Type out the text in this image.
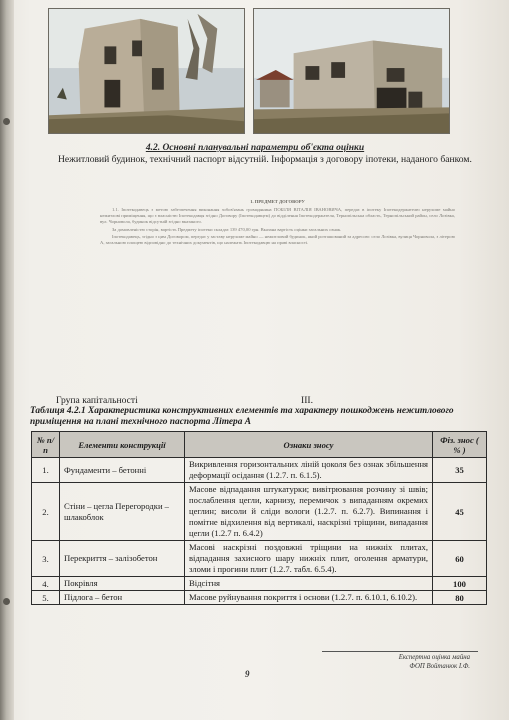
4.2. Основні планувальні параметри об'єкта оцінки
Нежитловий будинок, технічний паспорт відсутній. Інформація з договору іпотеки, наданого банком.
1. ПРЕДМЕТ ДОГОВОРУ

1.1. Іпотекодавець з метою забезпечення виконання зобов'язань громадянина ПОБІЛЯ ВІТАЛІЯ ІВАНОВИЧА, передає в іпотеку Іпотекодержателю нерухоме майно нежитлові приміщення, що є власністю Іпотекодавця згідно Договору (Іпотекодавцем) до відділення Іпотекодержателя, Тернопільська область, Тернопільський район, село Лозівка, вул. Чорновола, будинок відсутній згідно вказаного.

За домовленістю сторін, вартість Предмету іпотеки складає 139 470,00 грн. Вказана вартість оцінки загальних ознак.

Іпотекодавець, згідно з цим Договором, передає у заставу нерухоме майно — нежитловий будинок, який розташований за адресою: село Лозівка, вулиця Чорновола, з літерою А, загальною площею відповідно до технічних документів, що належать Іпотекодавцю на праві власності.

Група капітальності	ІІІ.
Таблиця 4.2.1 Характеристика конструктивних елементів та характеру пошкоджень нежитлового приміщення на плані технічного паспорта Літера А
№ п/п	Елементи конструкції	Ознаки зносу	Фіз. знос ( % )
1.	Фундаменти – бетонні	Викривлення горизонтальних ліній цоколя без ознак збільшення деформації осідання (1.2.7. п. 6.1.5).	35
2.	Стіни – цегла Перегородки – шлакоблок	Масове відпадання штукатурки; вивітрювання розчину зі швів; послаблення цегли, карнизу, перемичок з випаданням окремих цеглин; висоли й сліди вологи (1.2.7. п. 6.2.7). Випинання і помітне відхилення від вертикалі, наскрізні тріщини, випадання цегли (1.2.7 п. 6.4.2)	45
3.	Перекриття – залізобетон	Масові наскрізні поздовжні тріщини на нижніх плитах, відпадання захисного шару нижніх плит, оголення арматури, зломи і прогини плит (1.2.7. табл. 6.5.4).	60
4.	Покрівля	Відсітня	100
5.	Підлога – бетон	Масове руйнування покриття і основи (1.2.7. п. 6.10.1, 6.10.2).	80
Експертна оцінка майна
ФОП Войтанюк І.Ф.
9
